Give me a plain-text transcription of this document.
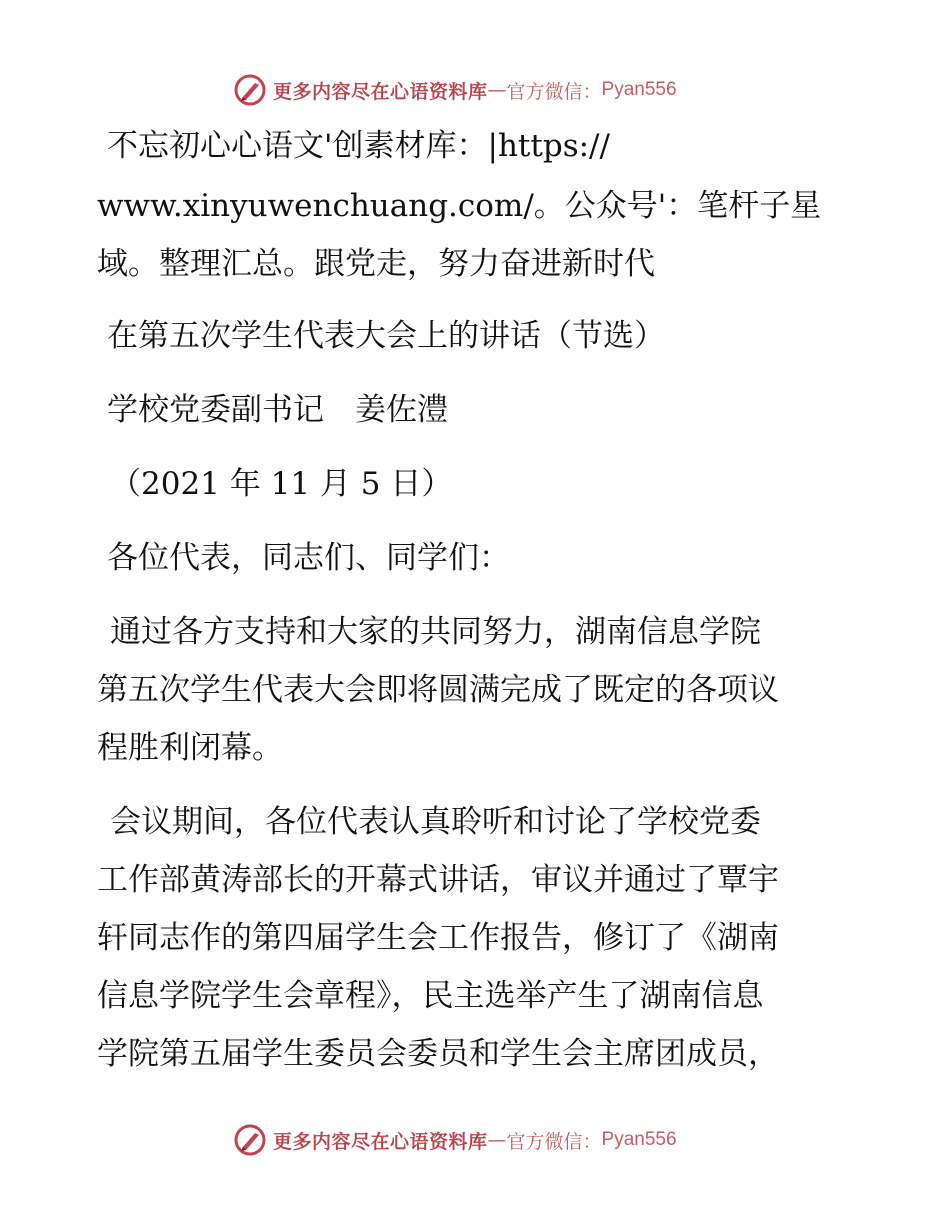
更多内容尽在心语资料库 — 官方微信： Pyan556
不忘初心心语文'创素材库：|https://
www.xinyuwenchuang.com/。公众号'：笔杆子星
域。整理汇总。跟党走，努力奋进新时代
在第五次学生代表大会上的讲话（节选）
学校党委副书记　姜佐澧
（2021 年 11 月 5 日）
各位代表，同志们、同学们：
通过各方支持和大家的共同努力，湖南信息学院
第五次学生代表大会即将圆满完成了既定的各项议
程胜利闭幕。
会议期间，各位代表认真聆听和讨论了学校党委
工作部黄涛部长的开幕式讲话，审议并通过了覃宇
轩同志作的第四届学生会工作报告，修订了《湖南
信息学院学生会章程》，民主选举产生了湖南信息
学院第五届学生委员会委员和学生会主席团成员，
更多内容尽在心语资料库 — 官方微信： Pyan556
